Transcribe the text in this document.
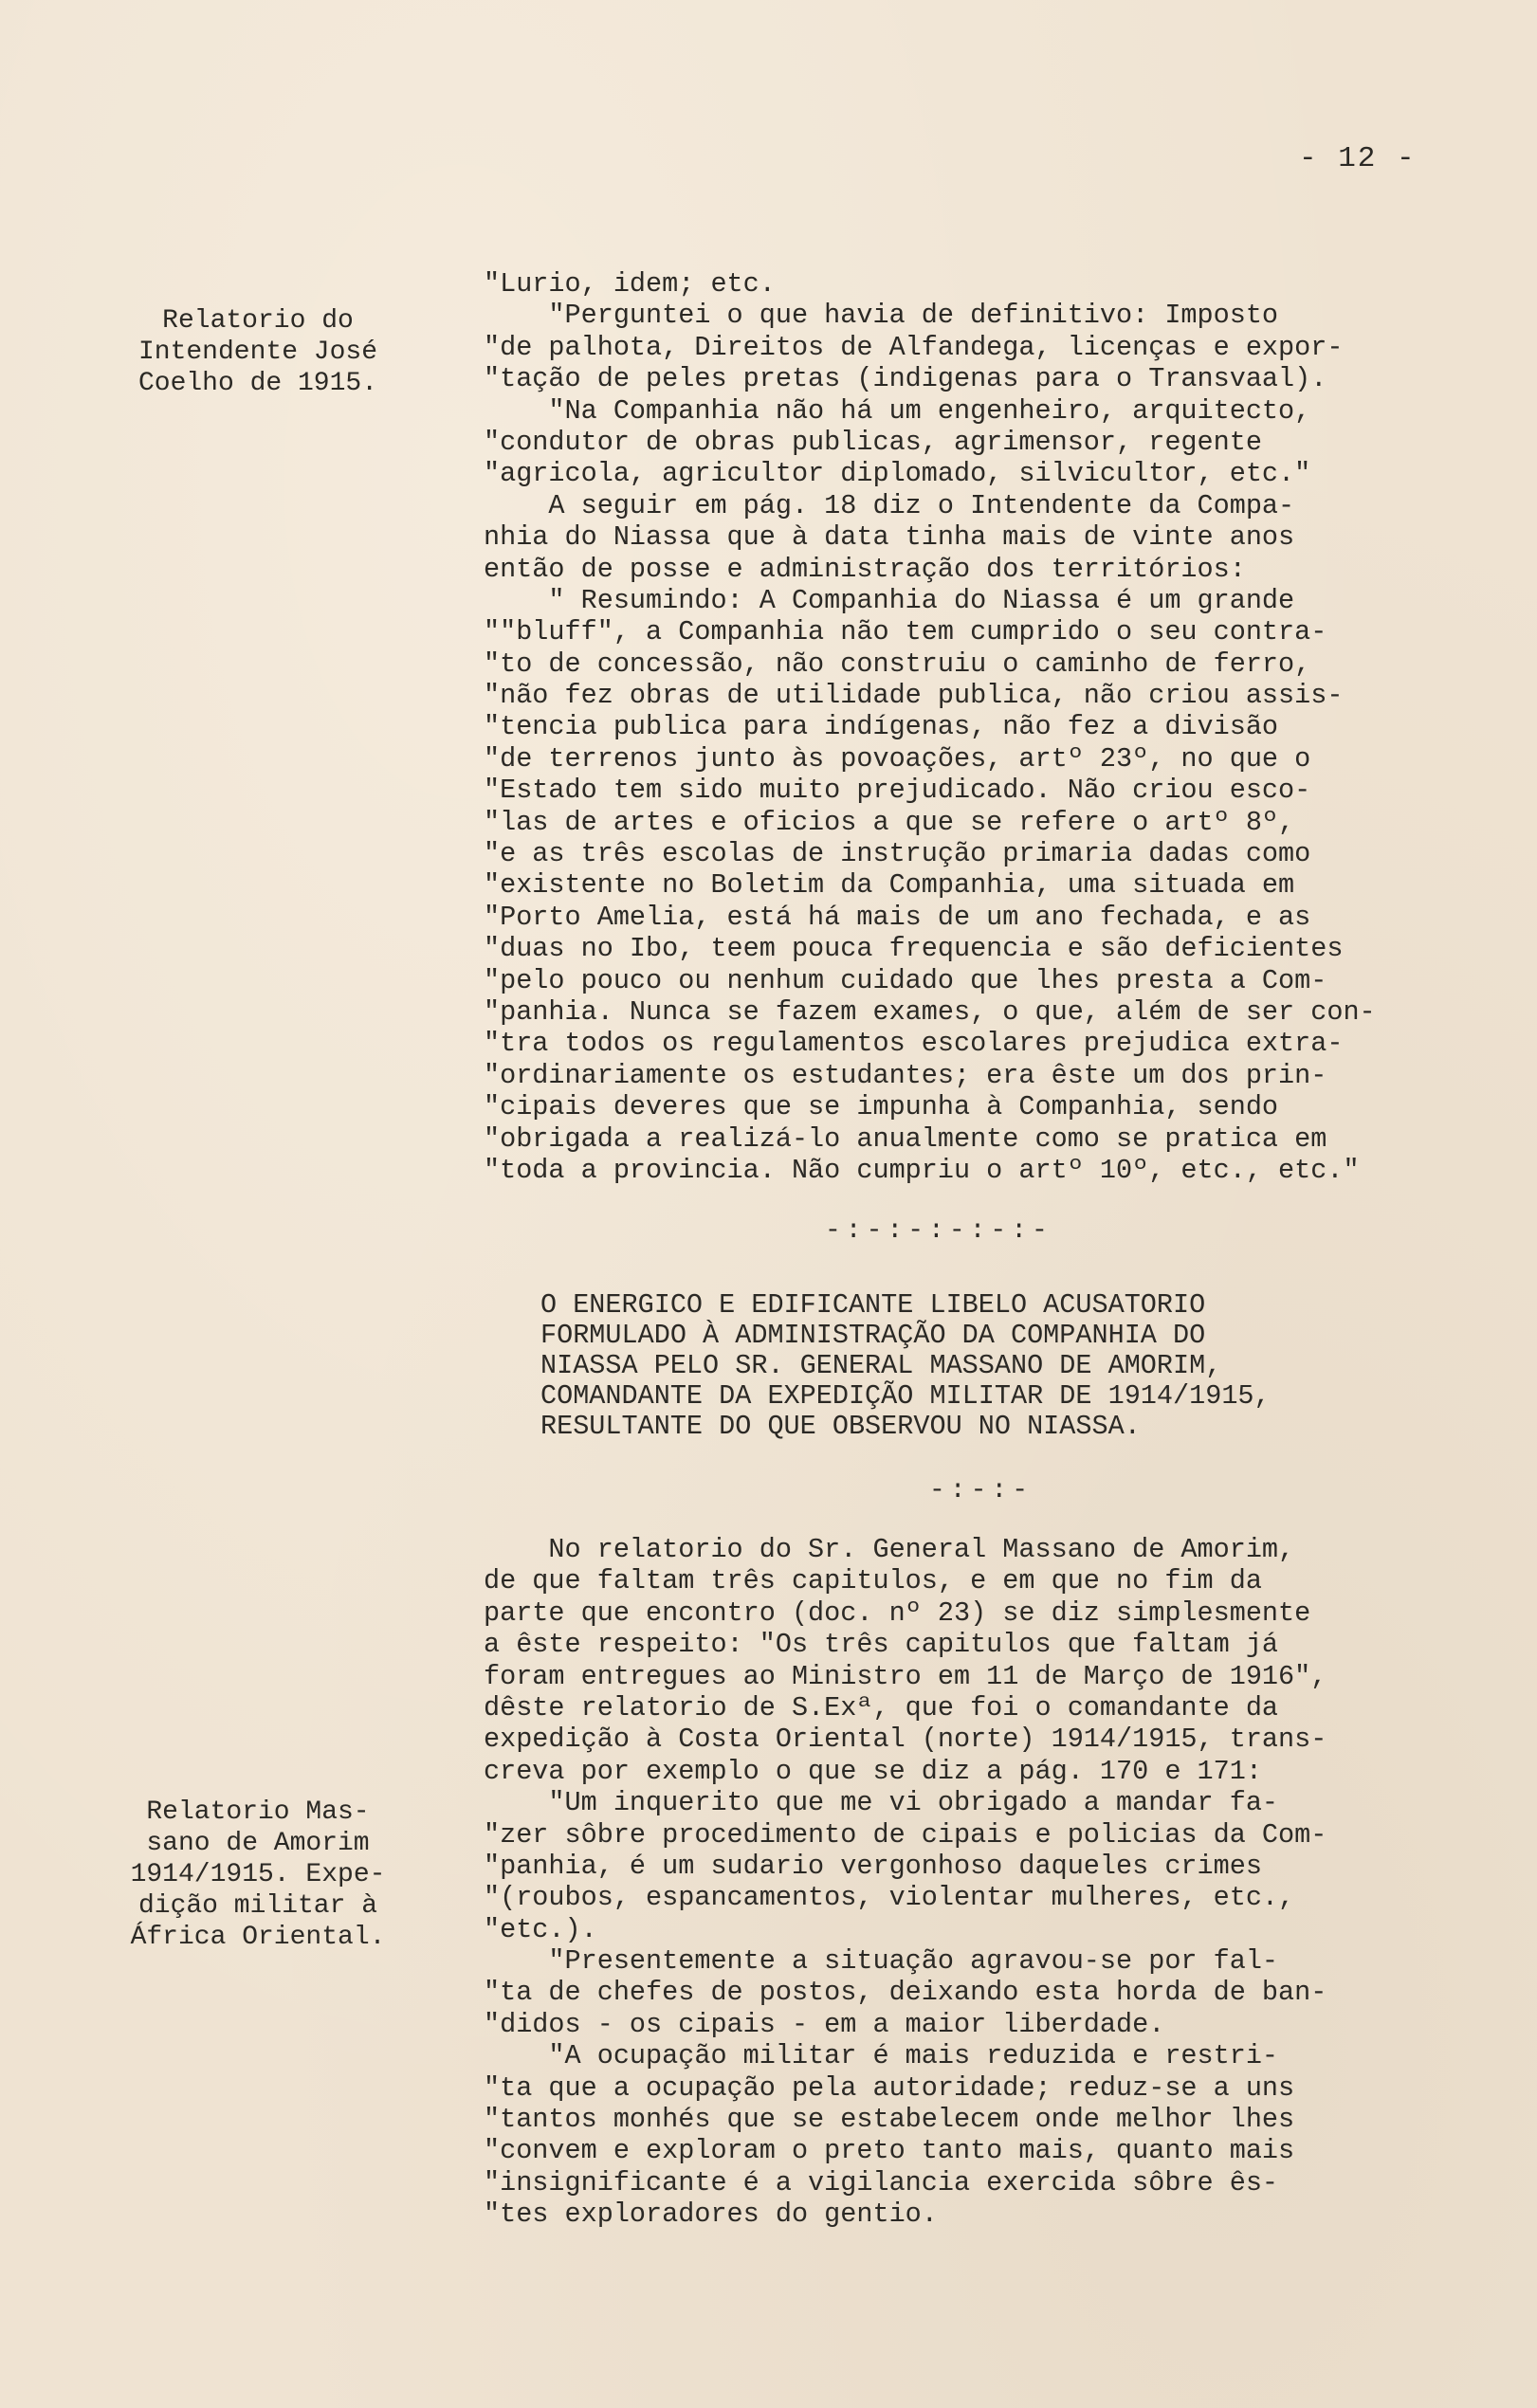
- 12 -
Relatorio do
Intendente José
Coelho de 1915.
"Lurio, idem; etc.
"Perguntei o que havia de definitivo: Imposto
"de palhota, Direitos de Alfandega, licenças e expor-
"tação de peles pretas (indigenas para o Transvaal).
"Na Companhia não há um engenheiro, arquitecto,
"condutor de obras publicas, agrimensor, regente
"agricola, agricultor diplomado, silvicultor, etc."
A seguir em pág. 18 diz o Intendente da Compa-
nhia do Niassa que à data tinha mais de vinte anos
então de posse e administração dos territórios:
" Resumindo: A Companhia do Niassa é um grande
""bluff", a Companhia não tem cumprido o seu contra-
"to de concessão, não construiu o caminho de ferro,
"não fez obras de utilidade publica, não criou assis-
"tencia publica para indígenas, não fez a divisão
"de terrenos junto às povoações, artº 23º, no que o
"Estado tem sido muito prejudicado. Não criou esco-
"las de artes e oficios a que se refere o artº 8º,
"e as três escolas de instrução primaria dadas como
"existente no Boletim da Companhia, uma situada em
"Porto Amelia, está há mais de um ano fechada, e as
"duas no Ibo, teem pouca frequencia e são deficientes
"pelo pouco ou nenhum cuidado que lhes presta a Com-
"panhia. Nunca se fazem exames, o que, além de ser con-
"tra todos os regulamentos escolares prejudica extra-
"ordinariamente os estudantes; era êste um dos prin-
"cipais deveres que se impunha à Companhia, sendo
"obrigada a realizá-lo anualmente como se pratica em
"toda a provincia. Não cumpriu o artº 10º, etc., etc."
-:-:-:-:-:-
O ENERGICO E EDIFICANTE LIBELO ACUSATORIO
FORMULADO À ADMINISTRAÇÃO DA COMPANHIA DO
NIASSA PELO SR. GENERAL MASSANO DE AMORIM,
COMANDANTE DA EXPEDIÇÃO MILITAR DE 1914/1915,
RESULTANTE DO QUE OBSERVOU NO NIASSA.
-:-:-
No relatorio do Sr. General Massano de Amorim,
de que faltam três capitulos, e em que no fim da
parte que encontro (doc. nº 23) se diz simplesmente
a êste respeito: "Os três capitulos que faltam já
foram entregues ao Ministro em 11 de Março de 1916",
dêste relatorio de S.Exª, que foi o comandante da
expedição à Costa Oriental (norte) 1914/1915, trans-
creva por exemplo o que se diz a pág. 170 e 171:
"Um inquerito que me vi obrigado a mandar fa-
"zer sôbre procedimento de cipais e policias da Com-
"panhia, é um sudario vergonhoso daqueles crimes
"(roubos, espancamentos, violentar mulheres, etc.,
"etc.).
"Presentemente a situação agravou-se por fal-
"ta de chefes de postos, deixando esta horda de ban-
"didos - os cipais - em a maior liberdade.
"A ocupação militar é mais reduzida e restri-
"ta que a ocupação pela autoridade; reduz-se a uns
"tantos monhés que se estabelecem onde melhor lhes
"convem e exploram o preto tanto mais, quanto mais
"insignificante é a vigilancia exercida sôbre ês-
"tes exploradores do gentio.
Relatorio Mas-
sano de Amorim
1914/1915. Expe-
dição militar à
África Oriental.
